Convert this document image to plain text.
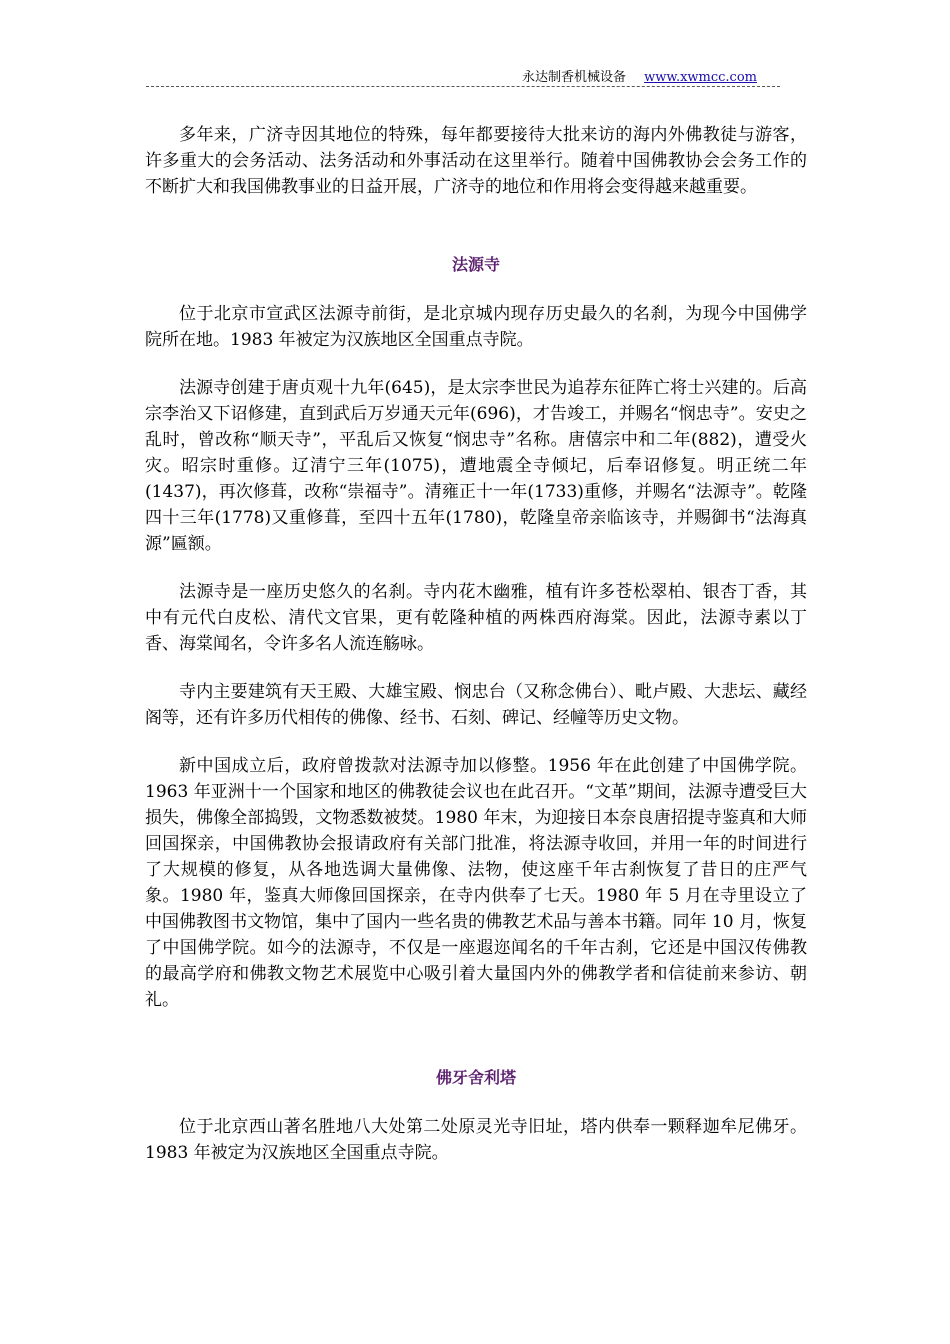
永达制香机械设备 www.xwmcc.com

多年来，广济寺因其地位的特殊，每年都要接待大批来访的海内外佛教徒与游客，许多重大的会务活动、法务活动和外事活动在这里举行。随着中国佛教协会会务工作的不断扩大和我国佛教事业的日益开展，广济寺的地位和作用将会变得越来越重要。

法源寺

位于北京市宣武区法源寺前街，是北京城内现存历史最久的名刹，为现今中国佛学院所在地。1983 年被定为汉族地区全国重点寺院。

法源寺创建于唐贞观十九年(645)，是太宗李世民为追荐东征阵亡将士兴建的。后高宗李治又下诏修建，直到武后万岁通天元年(696)，才告竣工，并赐名“悯忠寺”。安史之乱时，曾改称“顺天寺”，平乱后又恢复“悯忠寺”名称。唐僖宗中和二年(882)，遭受火灾。昭宗时重修。辽清宁三年(1075)，遭地震全寺倾圮，后奉诏修复。明正统二年(1437)，再次修葺，改称“崇福寺”。清雍正十一年(1733)重修，并赐名“法源寺”。乾隆四十三年(1778)又重修葺，至四十五年(1780)，乾隆皇帝亲临该寺，并赐御书“法海真源”匾额。

法源寺是一座历史悠久的名刹。寺内花木幽雅，植有许多苍松翠柏、银杏丁香，其中有元代白皮松、清代文官果，更有乾隆种植的两株西府海棠。因此，法源寺素以丁香、海棠闻名，令许多名人流连觞咏。

寺内主要建筑有天王殿、大雄宝殿、悯忠台（又称念佛台）、毗卢殿、大悲坛、藏经阁等，还有许多历代相传的佛像、经书、石刻、碑记、经幢等历史文物。

新中国成立后，政府曾拨款对法源寺加以修整。1956 年在此创建了中国佛学院。1963 年亚洲十一个国家和地区的佛教徒会议也在此召开。“文革”期间，法源寺遭受巨大损失，佛像全部捣毁，文物悉数被焚。1980 年末，为迎接日本奈良唐招提寺鉴真和大师回国探亲，中国佛教协会报请政府有关部门批准，将法源寺收回，并用一年的时间进行了大规模的修复，从各地选调大量佛像、法物，使这座千年古刹恢复了昔日的庄严气象。1980 年，鉴真大师像回国探亲，在寺内供奉了七天。1980 年 5 月在寺里设立了中国佛教图书文物馆，集中了国内一些名贵的佛教艺术品与善本书籍。同年 10 月，恢复了中国佛学院。如今的法源寺，不仅是一座遐迩闻名的千年古刹，它还是中国汉传佛教的最高学府和佛教文物艺术展览中心吸引着大量国内外的佛教学者和信徒前来参访、朝礼。

佛牙舍利塔

位于北京西山著名胜地八大处第二处原灵光寺旧址，塔内供奉一颗释迦牟尼佛牙。1983 年被定为汉族地区全国重点寺院。
